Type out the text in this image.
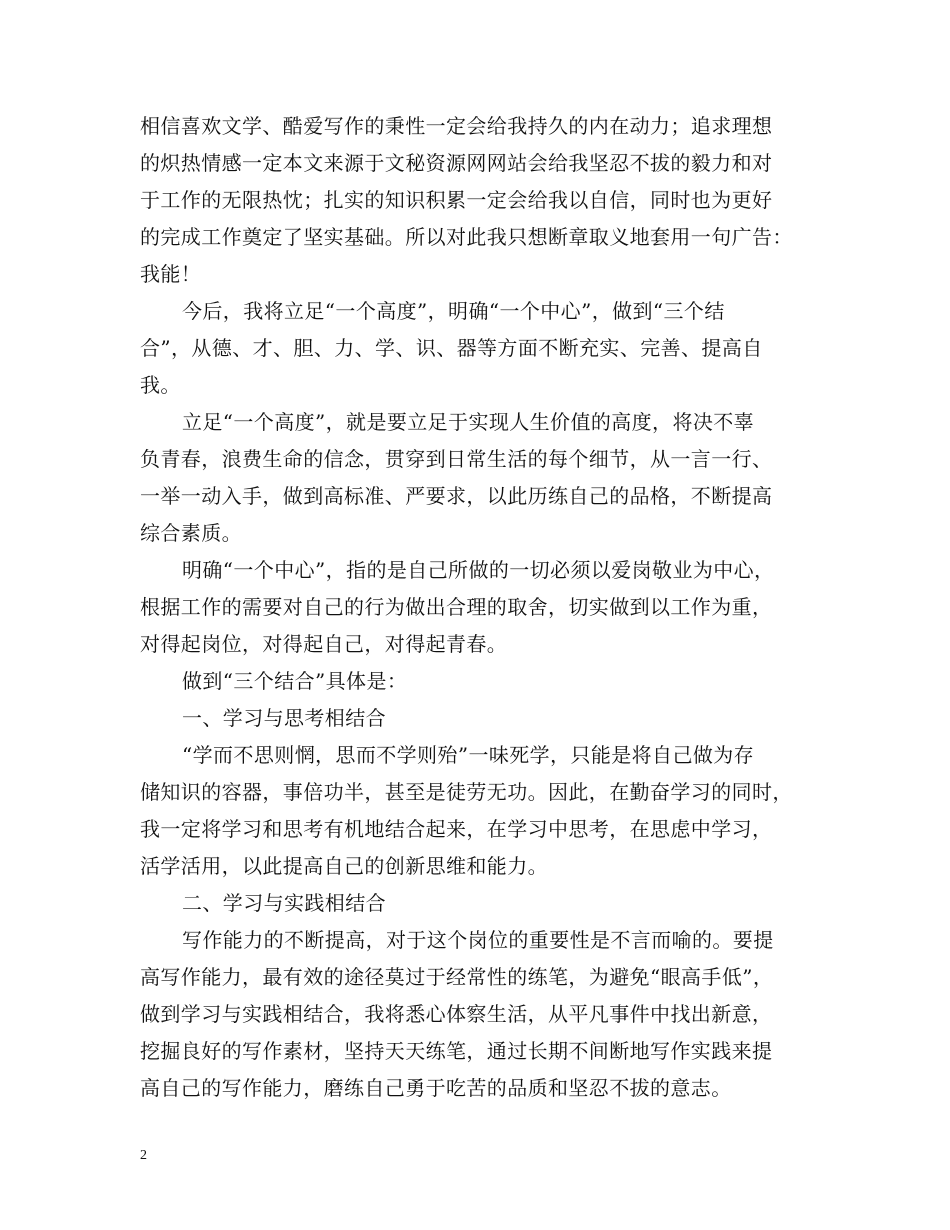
相信喜欢文学、酷爱写作的秉性一定会给我持久的内在动力；追求理想
的炽热情感一定本文来源于文秘资源网网站会给我坚忍不拔的毅力和对
于工作的无限热忱；扎实的知识积累一定会给我以自信，同时也为更好
的完成工作奠定了坚实基础。所以对此我只想断章取义地套用一句广告：
我能！
今后，我将立足“一个高度”，明确“一个中心”，做到“三个结
合”，从德、才、胆、力、学、识、器等方面不断充实、完善、提高自
我。
立足“一个高度”，就是要立足于实现人生价值的高度，将决不辜
负青春，浪费生命的信念，贯穿到日常生活的每个细节，从一言一行、
一举一动入手，做到高标准、严要求，以此历练自己的品格，不断提高
综合素质。
明确“一个中心”，指的是自己所做的一切必须以爱岗敬业为中心，
根据工作的需要对自己的行为做出合理的取舍，切实做到以工作为重，
对得起岗位，对得起自己，对得起青春。
做到“三个结合”具体是：
一、学习与思考相结合
“学而不思则惘，思而不学则殆”一味死学，只能是将自己做为存
储知识的容器，事倍功半，甚至是徒劳无功。因此，在勤奋学习的同时，
我一定将学习和思考有机地结合起来，在学习中思考，在思虑中学习，
活学活用，以此提高自己的创新思维和能力。
二、学习与实践相结合
写作能力的不断提高，对于这个岗位的重要性是不言而喻的。要提
高写作能力，最有效的途径莫过于经常性的练笔，为避免“眼高手低”，
做到学习与实践相结合，我将悉心体察生活，从平凡事件中找出新意，
挖掘良好的写作素材，坚持天天练笔，通过长期不间断地写作实践来提
高自己的写作能力，磨练自己勇于吃苦的品质和坚忍不拔的意志。
2
